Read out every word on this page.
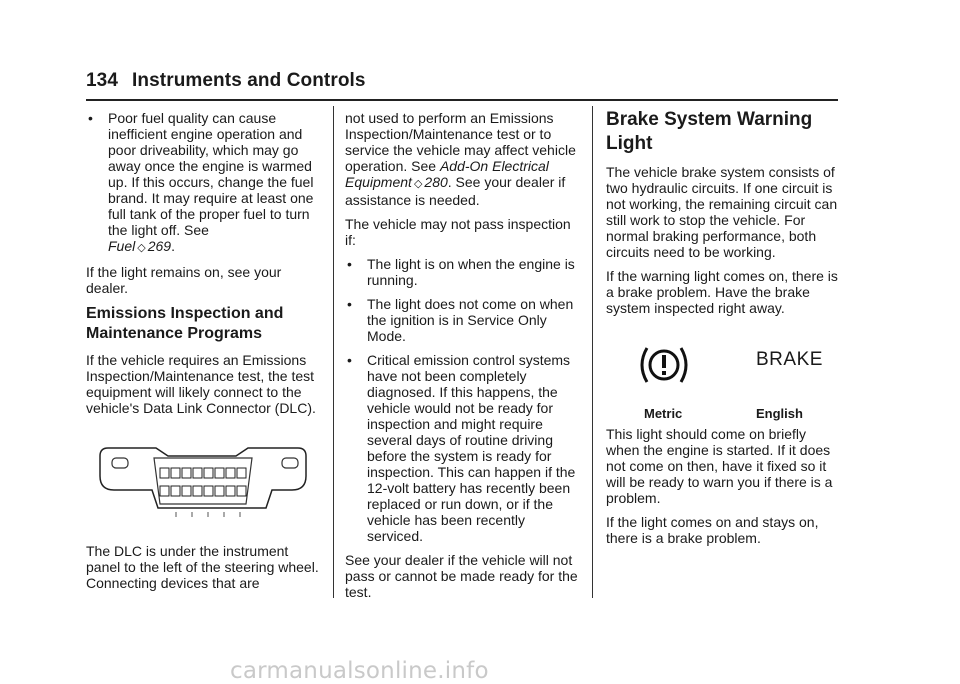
134 Instruments and Controls
• Poor fuel quality can cause inefficient engine operation and poor driveability, which may go away once the engine is warmed up. If this occurs, change the fuel brand. It may require at least one full tank of the proper fuel to turn the light off. See
Fuel ◇ 269.

If the light remains on, see your dealer.

Emissions Inspection and Maintenance Programs

If the vehicle requires an Emissions Inspection/Maintenance test, the test equipment will likely connect to the vehicle's Data Link Connector (DLC).

The DLC is under the instrument panel to the left of the steering wheel. Connecting devices that are

not used to perform an Emissions Inspection/Maintenance test or to service the vehicle may affect vehicle operation. See Add-On Electrical Equipment ◇ 280. See your dealer if assistance is needed.

The vehicle may not pass inspection if:

• The light is on when the engine is running.
• The light does not come on when the ignition is in Service Only Mode.
• Critical emission control systems have not been completely diagnosed. If this happens, the vehicle would not be ready for inspection and might require several days of routine driving before the system is ready for inspection. This can happen if the 12-volt battery has recently been replaced or run down, or if the vehicle has been recently serviced.

See your dealer if the vehicle will not pass or cannot be made ready for the test.

Brake System Warning Light

The vehicle brake system consists of two hydraulic circuits. If one circuit is not working, the remaining circuit can still work to stop the vehicle. For normal braking performance, both circuits need to be working.

If the warning light comes on, there is a brake problem. Have the brake system inspected right away.

BRAKE
Metric	English

This light should come on briefly when the engine is started. If it does not come on then, have it fixed so it will be ready to warn you if there is a problem.

If the light comes on and stays on, there is a brake problem.

carmanualsonline.info
